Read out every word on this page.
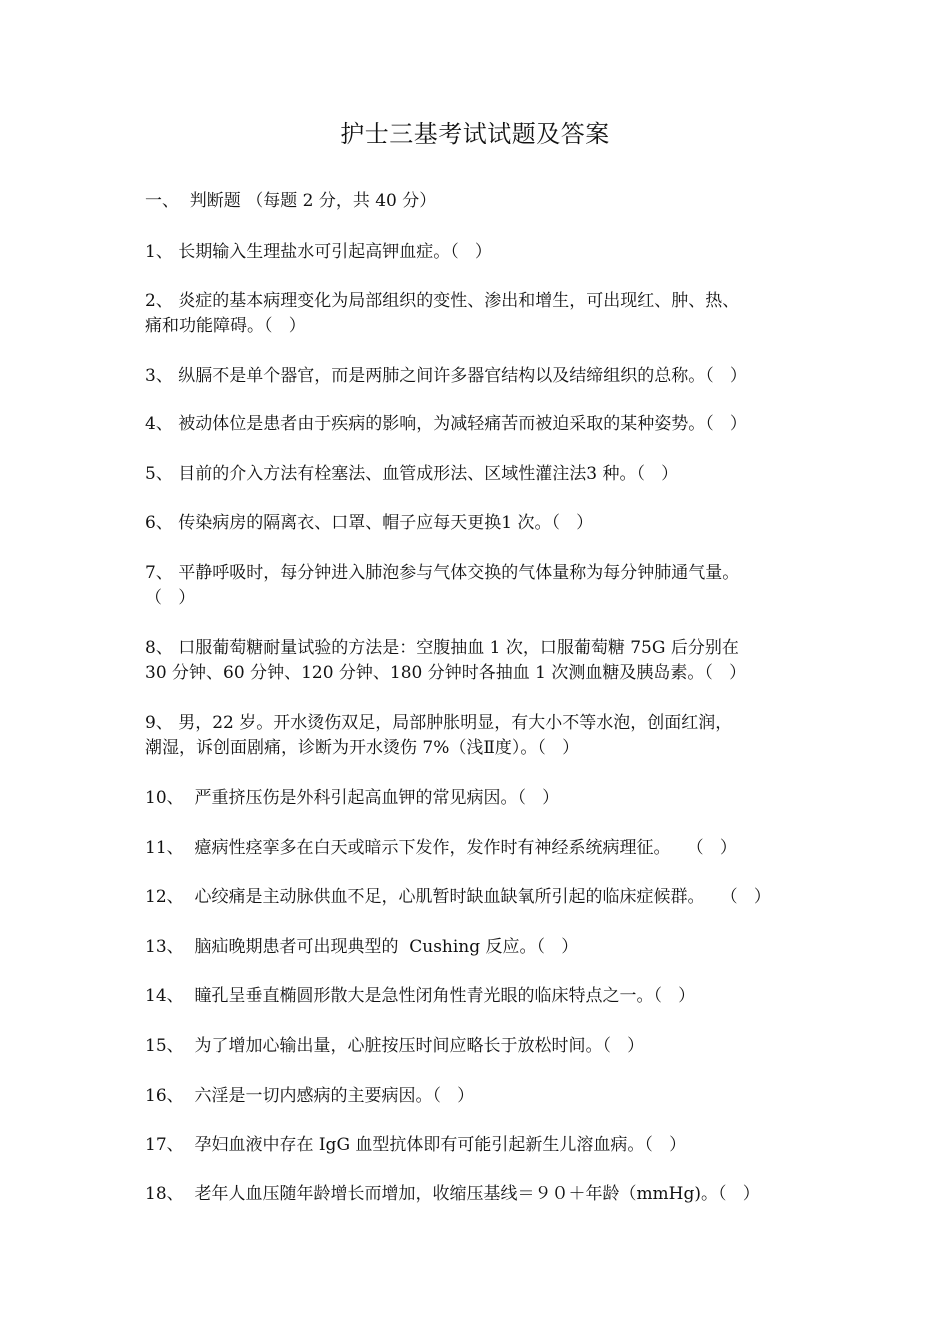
护士三基考试试题及答案
一、  判断题 （每题 2 分，共 40 分）
1、 长期输入生理盐水可引起高钾血症。（   ）
2、 炎症的基本病理变化为局部组织的变性、渗出和增生，可出现红、肿、热、
痛和功能障碍。（   ）
3、 纵膈不是单个器官，而是两肺之间许多器官结构以及结缔组织的总称。（   ）
4、 被动体位是患者由于疾病的影响，为减轻痛苦而被迫采取的某种姿势。（   ）
5、 目前的介入方法有栓塞法、血管成形法、区域性灌注法3 种。（   ）
6、 传染病房的隔离衣、口罩、帽子应每天更换1 次。（   ）
7、 平静呼吸时，每分钟进入肺泡参与气体交换的气体量称为每分钟肺通气量。
（   ）
8、 口服葡萄糖耐量试验的方法是：空腹抽血 1 次，口服葡萄糖 75G 后分别在
30 分钟、60 分钟、120 分钟、180 分钟时各抽血 1 次测血糖及胰岛素。（   ）
9、 男，22 岁。开水烫伤双足，局部肿胀明显，有大小不等水泡，创面红润，
潮湿，诉创面剧痛，诊断为开水烫伤 7%（浅Ⅱ度）。（   ）
10、  严重挤压伤是外科引起高血钾的常见病因。（   ）
11、  癔病性痉挛多在白天或暗示下发作，发作时有神经系统病理征。   （   ）
12、  心绞痛是主动脉供血不足，心肌暂时缺血缺氧所引起的临床症候群。   （   ）
13、  脑疝晚期患者可出现典型的  Cushing 反应。（   ）
14、  瞳孔呈垂直椭圆形散大是急性闭角性青光眼的临床特点之一。（   ）
15、  为了增加心输出量，心脏按压时间应略长于放松时间。（   ）
16、  六淫是一切内感病的主要病因。（   ）
17、  孕妇血液中存在 IgG 血型抗体即有可能引起新生儿溶血病。（   ）
18、  老年人血压随年龄增长而增加，收缩压基线＝９０＋年龄（mmHg)。（   ）
